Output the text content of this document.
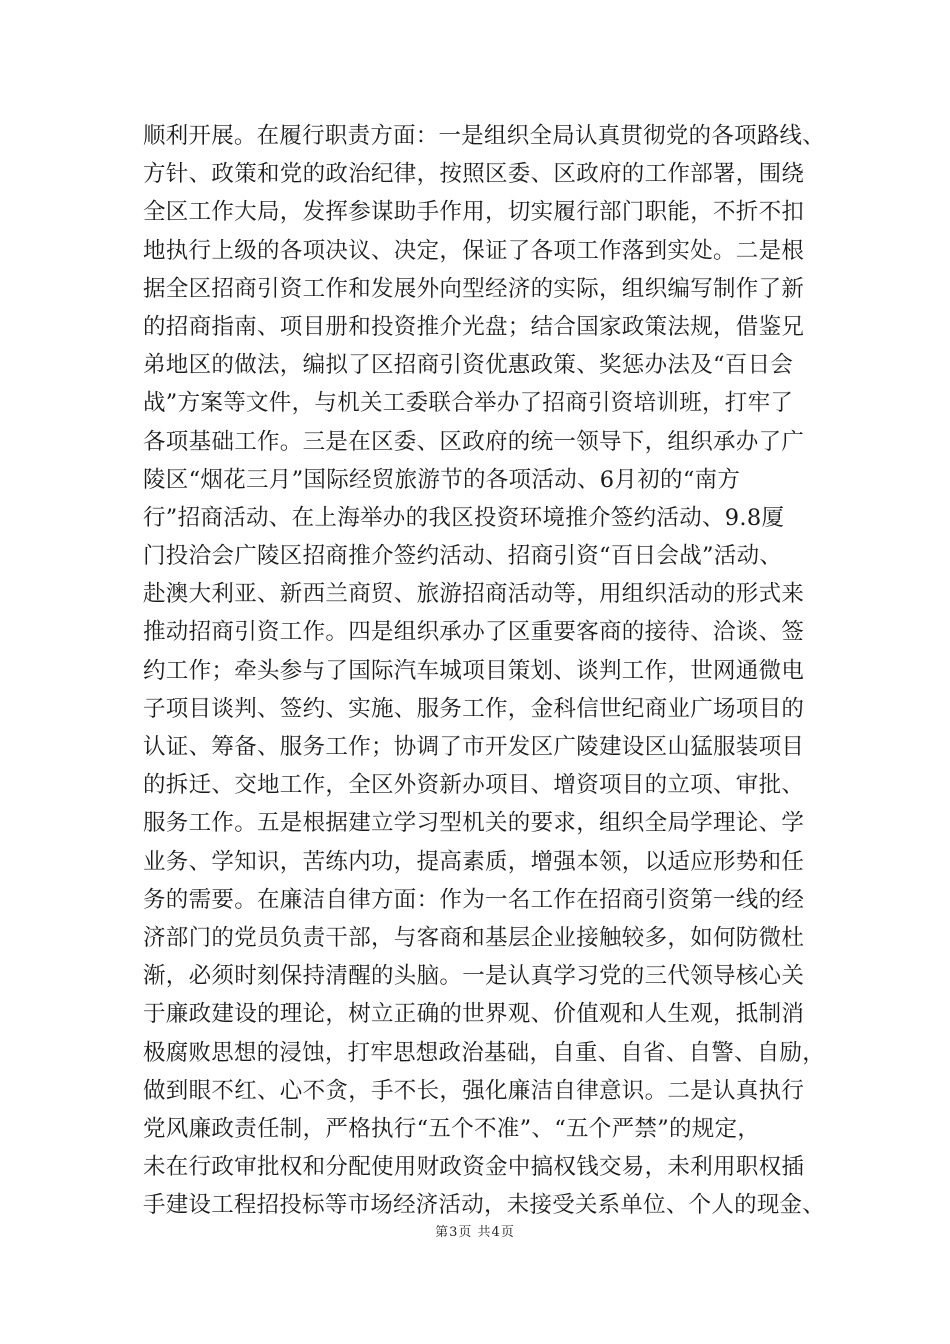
顺利开展。在履行职责方面：一是组织全局认真贯彻党的各项路线、
方针、政策和党的政治纪律，按照区委、区政府的工作部署，围绕
全区工作大局，发挥参谋助手作用，切实履行部门职能，不折不扣
地执行上级的各项决议、决定，保证了各项工作落到实处。二是根
据全区招商引资工作和发展外向型经济的实际，组织编写制作了新
的招商指南、项目册和投资推介光盘；结合国家政策法规，借鉴兄
弟地区的做法，编拟了区招商引资优惠政策、奖惩办法及“百日会
战”方案等文件，与机关工委联合举办了招商引资培训班，打牢了
各项基础工作。三是在区委、区政府的统一领导下，组织承办了广
陵区“烟花三月”国际经贸旅游节的各项活动、6月初的“南方
行”招商活动、在上海举办的我区投资环境推介签约活动、9.8厦
门投洽会广陵区招商推介签约活动、招商引资“百日会战”活动、
赴澳大利亚、新西兰商贸、旅游招商活动等，用组织活动的形式来
推动招商引资工作。四是组织承办了区重要客商的接待、洽谈、签
约工作；牵头参与了国际汽车城项目策划、谈判工作，世网通微电
子项目谈判、签约、实施、服务工作，金科信世纪商业广场项目的
认证、筹备、服务工作；协调了市开发区广陵建设区山猛服装项目
的拆迁、交地工作，全区外资新办项目、增资项目的立项、审批、
服务工作。五是根据建立学习型机关的要求，组织全局学理论、学
业务、学知识，苦练内功，提高素质，增强本领，以适应形势和任
务的需要。在廉洁自律方面：作为一名工作在招商引资第一线的经
济部门的党员负责干部，与客商和基层企业接触较多，如何防微杜
渐，必须时刻保持清醒的头脑。一是认真学习党的三代领导核心关
于廉政建设的理论，树立正确的世界观、价值观和人生观，抵制消
极腐败思想的浸蚀，打牢思想政治基础，自重、自省、自警、自励，
做到眼不红、心不贪，手不长，强化廉洁自律意识。二是认真执行
党风廉政责任制，严格执行“五个不准”、“五个严禁”的规定，
未在行政审批权和分配使用财政资金中搞权钱交易，未利用职权插
手建设工程招投标等市场经济活动，未接受关系单位、个人的现金、
第3页 共4页
